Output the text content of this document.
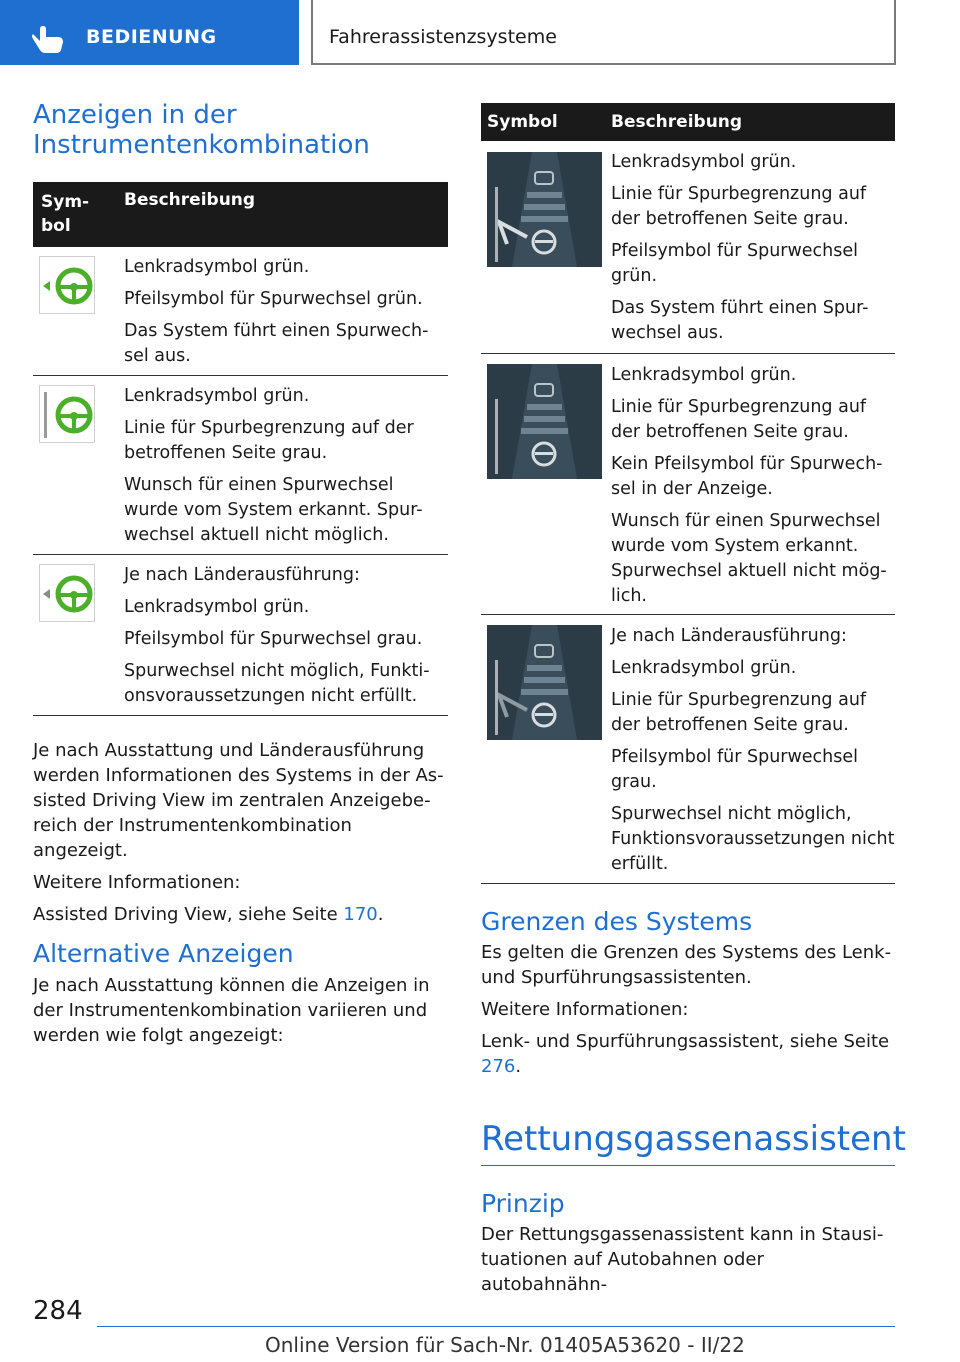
BEDIENUNG	Fahrerassistenzsysteme
Anzeigen in der
Instrumentenkombination
Sym-
bol
Beschreibung

Lenkradsymbol grün.

Pfeilsymbol für Spurwechsel grün.

Das System führt einen Spurwech-sel aus.

Lenkradsymbol grün.

Linie für Spurbegrenzung auf der betroffenen Seite grau.

Wunsch für einen Spurwechsel wurde vom System erkannt. Spur-wechsel aktuell nicht möglich.

Je nach Länderausführung:

Lenkradsymbol grün.

Pfeilsymbol für Spurwechsel grau.

Spurwechsel nicht möglich, Funkti-onsvoraussetzungen nicht erfüllt.

Je nach Ausstattung und Länderausführung werden Informationen des Systems in der As-sisted Driving View im zentralen Anzeigebe-reich der Instrumentenkombination angezeigt.

Weitere Informationen:

Assisted Driving View, siehe Seite 170.

Alternative Anzeigen

Je nach Ausstattung können die Anzeigen in der Instrumentenkombination variieren und werden wie folgt angezeigt:

Symbol	Beschreibung

Lenkradsymbol grün.

Linie für Spurbegrenzung auf der betroffenen Seite grau.

Pfeilsymbol für Spurwechsel grün.

Das System führt einen Spur-wechsel aus.

Lenkradsymbol grün.

Linie für Spurbegrenzung auf der betroffenen Seite grau.

Kein Pfeilsymbol für Spurwech-sel in der Anzeige.

Wunsch für einen Spurwechsel wurde vom System erkannt. Spurwechsel aktuell nicht mög-lich.

Je nach Länderausführung:

Lenkradsymbol grün.

Linie für Spurbegrenzung auf der betroffenen Seite grau.

Pfeilsymbol für Spurwechsel grau.

Spurwechsel nicht möglich, Funktionsvoraussetzungen nicht erfüllt.

Grenzen des Systems

Es gelten die Grenzen des Systems des Lenk- und Spurführungsassistenten.

Weitere Informationen:

Lenk- und Spurführungsassistent, siehe Seite 276.

Rettungsgassenassistent
Prinzip

Der Rettungsgassenassistent kann in Stausi-tuationen auf Autobahnen oder autobahnähn-

284
Online Version für Sach-Nr. 01405A53620 - II/22
